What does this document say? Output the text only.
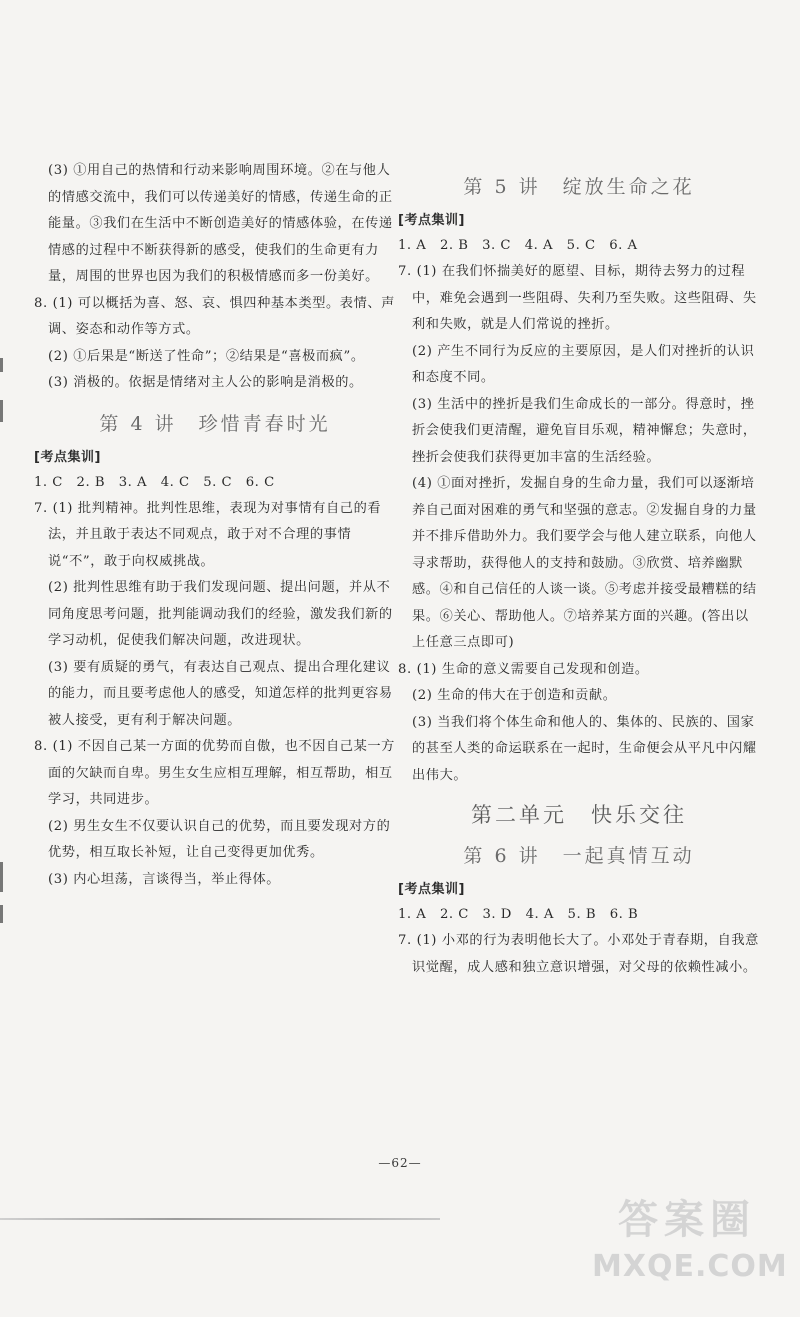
(3) ①用自己的热情和行动来影响周围环境。②在与他人的情感交流中，我们可以传递美好的情感，传递生命的正能量。③我们在生活中不断创造美好的情感体验，在传递情感的过程中不断获得新的感受，使我们的生命更有力量，周围的世界也因为我们的积极情感而多一份美好。

8. (1) 可以概括为喜、怒、哀、惧四种基本类型。表情、声调、姿态和动作等方式。

(2) ①后果是“断送了性命”；②结果是“喜极而疯”。

(3) 消极的。依据是情绪对主人公的影响是消极的。

第 4 讲　珍惜青春时光

[考点集训]

1. C　2. B　3. A　4. C　5. C　6. C

7. (1) 批判精神。批判性思维，表现为对事情有自己的看法，并且敢于表达不同观点，敢于对不合理的事情说“不”，敢于向权威挑战。

(2) 批判性思维有助于我们发现问题、提出问题，并从不同角度思考问题，批判能调动我们的经验，激发我们新的学习动机，促使我们解决问题，改进现状。

(3) 要有质疑的勇气，有表达自己观点、提出合理化建议的能力，而且要考虑他人的感受，知道怎样的批判更容易被人接受，更有利于解决问题。

8. (1) 不因自己某一方面的优势而自傲，也不因自己某一方面的欠缺而自卑。男生女生应相互理解，相互帮助，相互学习，共同进步。

(2) 男生女生不仅要认识自己的优势，而且要发现对方的优势，相互取长补短，让自己变得更加优秀。

(3) 内心坦荡，言谈得当，举止得体。

第 5 讲　绽放生命之花

[考点集训]

1. A　2. B　3. C　4. A　5. C　6. A

7. (1) 在我们怀揣美好的愿望、目标，期待去努力的过程中，难免会遇到一些阻碍、失利乃至失败。这些阻碍、失利和失败，就是人们常说的挫折。

(2) 产生不同行为反应的主要原因，是人们对挫折的认识和态度不同。

(3) 生活中的挫折是我们生命成长的一部分。得意时，挫折会使我们更清醒，避免盲目乐观，精神懈怠；失意时，挫折会使我们获得更加丰富的生活经验。

(4) ①面对挫折，发掘自身的生命力量，我们可以逐渐培养自己面对困难的勇气和坚强的意志。②发掘自身的力量并不排斥借助外力。我们要学会与他人建立联系，向他人寻求帮助，获得他人的支持和鼓励。③欣赏、培养幽默感。④和自己信任的人谈一谈。⑤考虑并接受最糟糕的结果。⑥关心、帮助他人。⑦培养某方面的兴趣。(答出以上任意三点即可)

8. (1) 生命的意义需要自己发现和创造。

(2) 生命的伟大在于创造和贡献。

(3) 当我们将个体生命和他人的、集体的、民族的、国家的甚至人类的命运联系在一起时，生命便会从平凡中闪耀出伟大。

第二单元　快乐交往
第 6 讲　一起真情互动

[考点集训]

1. A　2. C　3. D　4. A　5. B　6. B

7. (1) 小邓的行为表明他长大了。小邓处于青春期，自我意识觉醒，成人感和独立意识增强，对父母的依赖性减小。

—62—
答案圈
MXQE.COM
